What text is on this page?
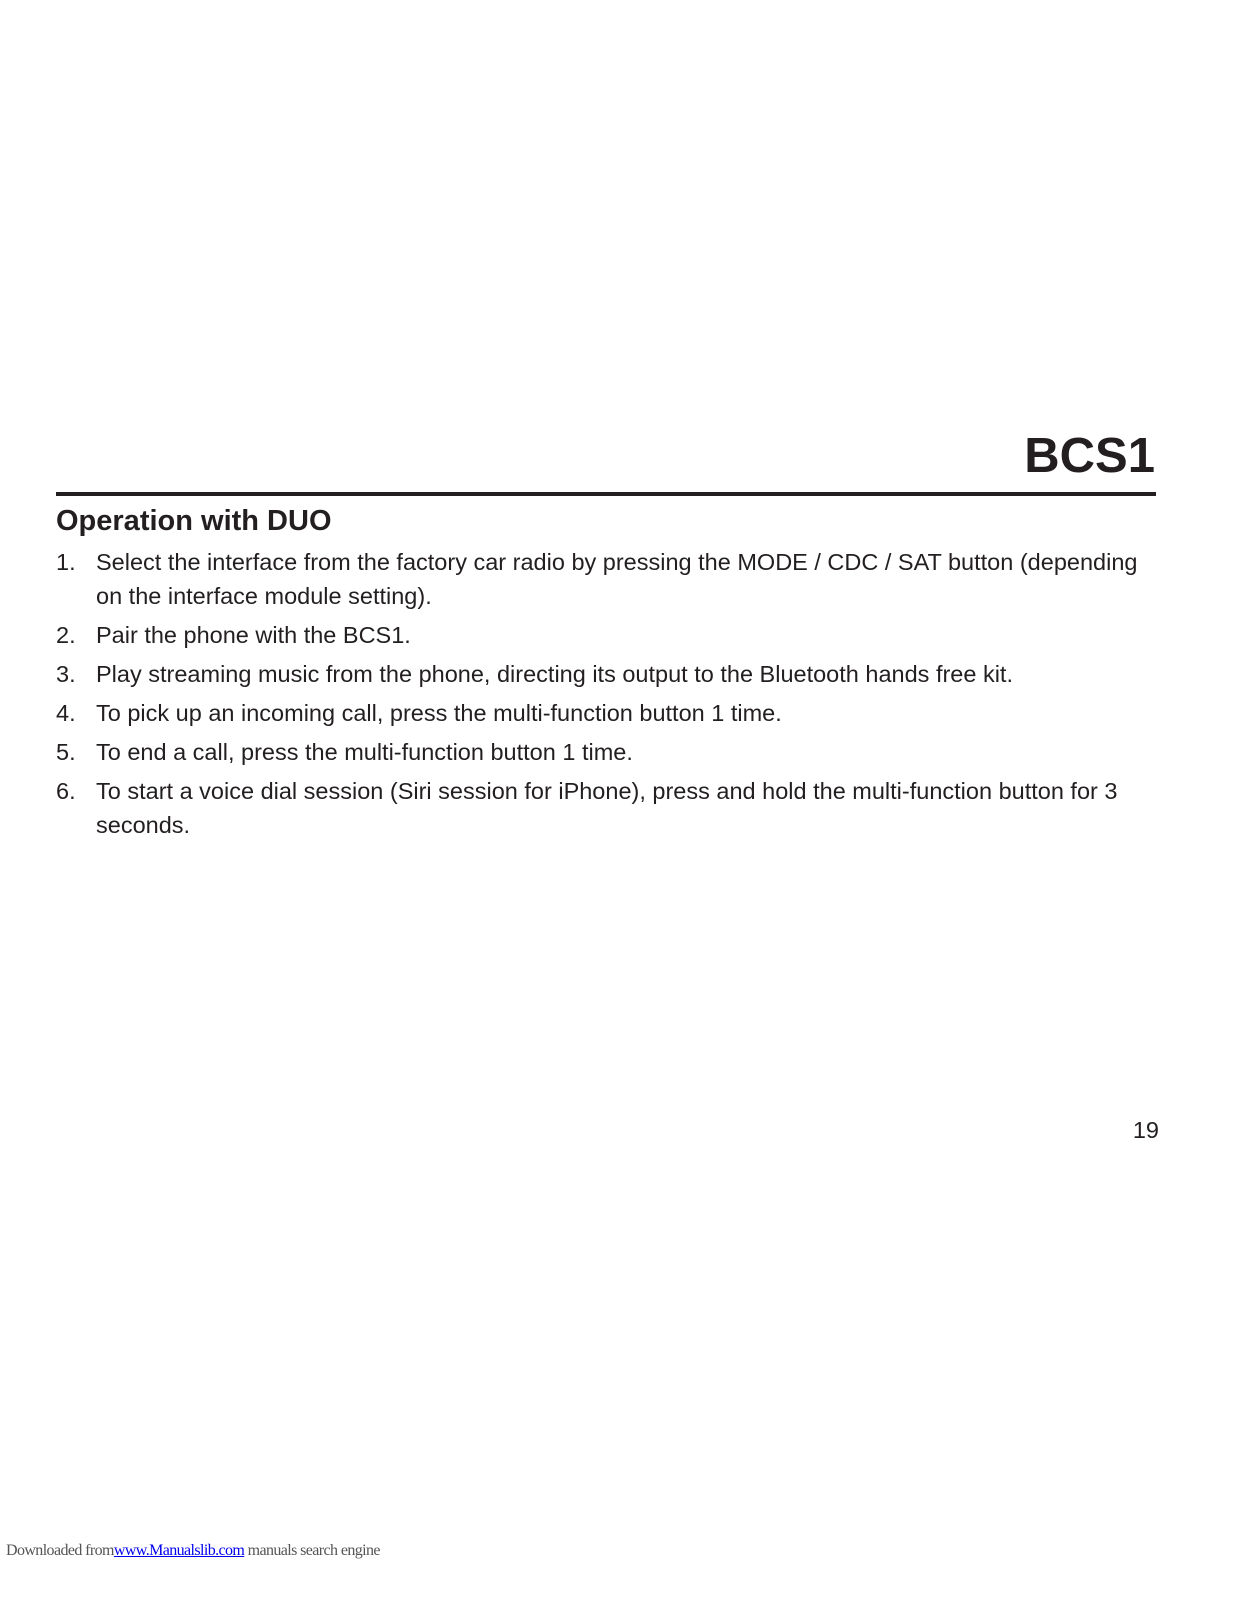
BCS1
Operation with DUO
1. Select the interface from the factory car radio by pressing the MODE / CDC / SAT button (depending on the interface module setting).
2. Pair the phone with the BCS1.
3. Play streaming music from the phone, directing its output to the Bluetooth hands free kit.
4. To pick up an incoming call, press the multi-function button 1 time.
5. To end a call, press the multi-function button 1 time.
6. To start a voice dial session (Siri session for iPhone), press and hold the multi-function button for 3 seconds.
19
Downloaded fromwww.Manualslib.com manuals search engine
